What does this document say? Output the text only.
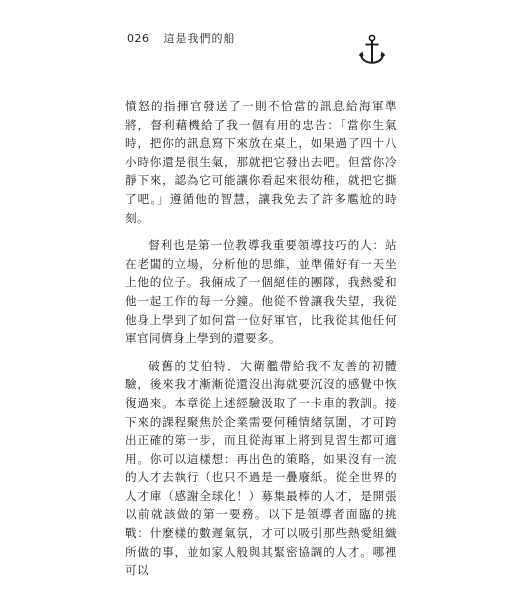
026 這是我們的船

憤怒的指揮官發送了一則不恰當的訊息給海軍準將，督利藉機給了我一個有用的忠告：「當你生氣時，把你的訊息寫下來放在桌上，如果過了四十八小時你還是很生氣，那就把它發出去吧。但當你冷靜下來，認為它可能讓你看起來很幼稚，就把它撕了吧。」遵循他的智慧，讓我免去了許多尷尬的時刻。

督利也是第一位教導我重要領導技巧的人：站在老闆的立場，分析他的思維，並準備好有一天坐上他的位子。我倆成了一個絕佳的團隊，我熱愛和他一起工作的每一分鐘。他從不曾讓我失望，我從他身上學到了如何當一位好軍官，比我從其他任何軍官同儕身上學到的還要多。

破舊的艾伯特．大衛艦帶給我不友善的初體驗，後來我才漸漸從還沒出海就要沉沒的感覺中恢復過來。本章從上述經驗汲取了一卡車的教訓。接下來的課程聚焦於企業需要何種情緒氛圍，才可跨出正確的第一步，而且從海軍上將到見習生都可適用。你可以這樣想：再出色的策略，如果沒有一流的人才去執行（也只不過是一疊廢紙。從全世界的人才庫（感謝全球化！）募集最棒的人才，是開張以前就該做的第一要務。以下是領導者面臨的挑戰：什麼樣的數遲氣氛，才可以吸引那些熱愛組織所做的事，並如家人般與其緊密協調的人才。哪裡可以
